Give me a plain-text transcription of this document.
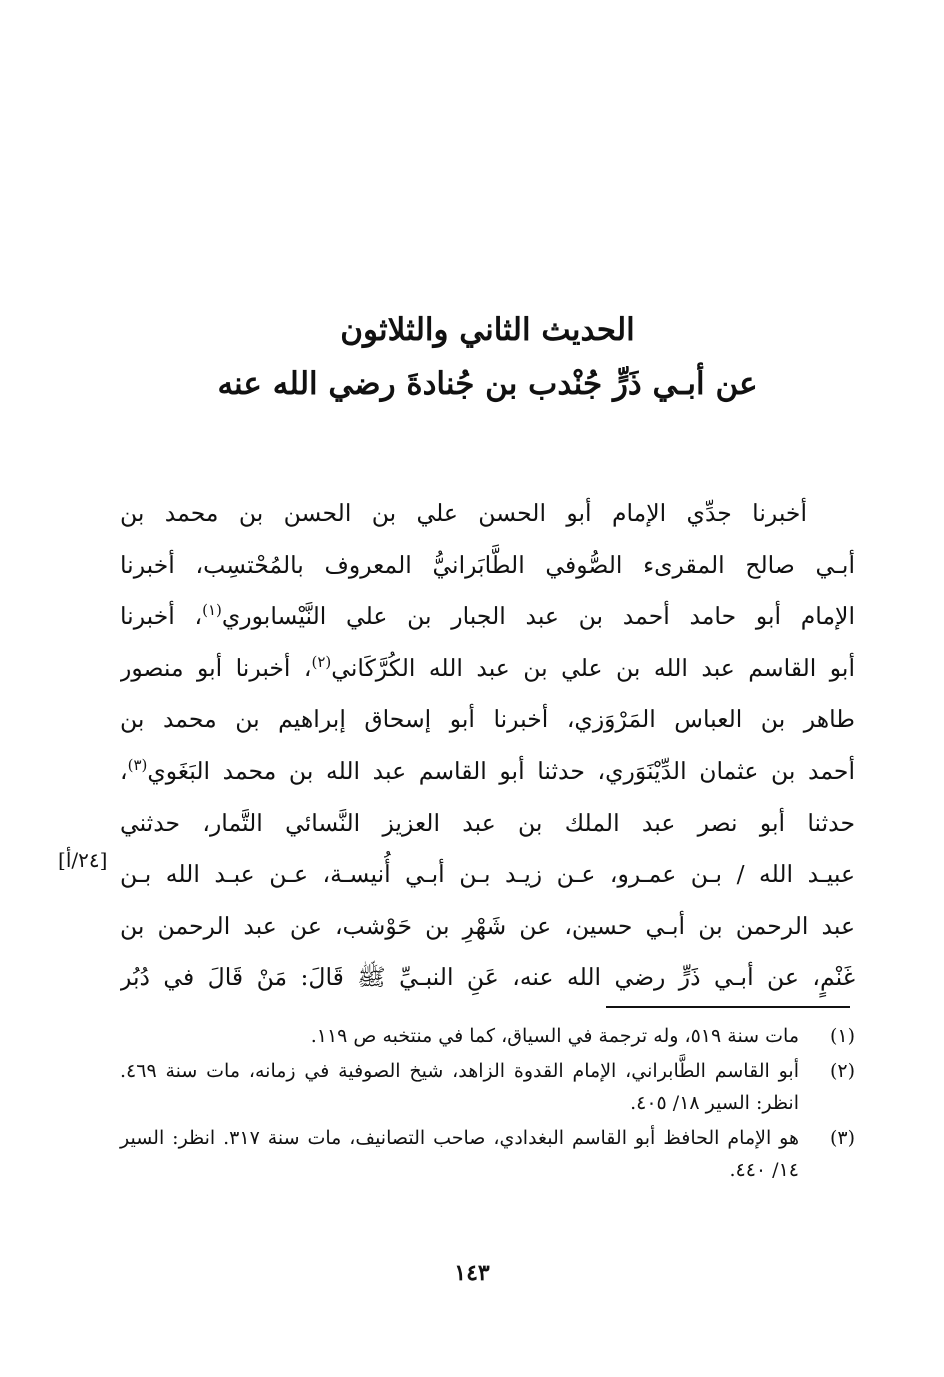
الحديث الثاني والثلاثون
عن أبـي ذَرٍّ جُنْدب بن جُنادةَ رضي الله عنه
أخبرنا جدِّي الإمام أبو الحسن علي بن الحسن بن محمد بن
أبـي صالح المقرىء الصُّوفي الطَّابَرانيُّ المعروف بالمُحْتسِب، أخبرنا
الإمام أبو حامد أحمد بن عبد الجبار بن علي النَّيْسابوري$^{(١)}$، أخبرنا
أبو القاسم عبد الله بن علي بن عبد الله الكُرَّكَاني$^{(٢)}$، أخبرنا أبو منصور
طاهر بن العباس المَرْوَزي، أخبرنا أبو إسحاق إبراهيم بن محمد بن
أحمد بن عثمان الدِّيْنَوَري، حدثنا أبو القاسم عبد الله بن محمد البَغَوي$^{(٣)}$،
حدثنا أبو نصر عبد الملك بن عبد العزيز النَّسائي التَّمار، حدثني
عبيـد الله / بـن عمـرو، عـن زيـد بـن أبـي أُنيسـة، عـن عبـد الله بـن
عبد الرحمن بن أبـي حسين، عن شَهْرِ بن حَوْشب، عن عبد الرحمن بن
غَنْمٍ، عن أبـي ذَرٍّ رضي الله عنه، عَنِ النبـيِّ ﷺ قَالَ: مَنْ قَالَ في دُبُر
[٢٤/أ]
(١)
مات سنة ٥١٩، وله ترجمة في السياق، كما في منتخبه ص ١١٩.
(٢)
أبو القاسم الطَّابراني، الإمام القدوة الزاهد، شيخ الصوفية في زمانه، مات سنة ٤٦٩. انظر: السير ١٨/ ٤٠٥.
(٣)
هو الإمام الحافظ أبو القاسم البغدادي، صاحب التصانيف، مات سنة ٣١٧. انظر: السير ١٤/ ٤٤٠.
١٤٣
